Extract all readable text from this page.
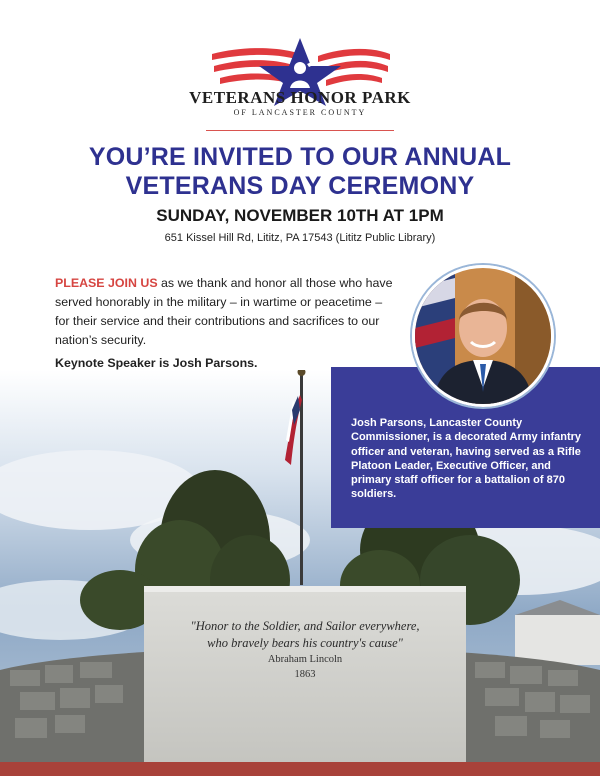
VETERANS HONOR PARK
OF LANCASTER COUNTY
YOU’RE INVITED TO OUR ANNUAL
VETERANS DAY CEREMONY
SUNDAY, NOVEMBER 10TH AT 1PM
651 Kissel Hill Rd, Lititz, PA 17543 (Lititz Public Library)
PLEASE JOIN US as we thank and honor all those who have served honorably in the military – in wartime or peacetime – for their service and their contributions and sacrifices to our nation’s security.
Keynote Speaker is Josh Parsons.
"Honor to the Soldier, and Sailor everywhere,
who bravely bears his country's cause"
Abraham Lincoln
1863
Josh Parsons, Lancaster County Commissioner, is a decorated Army infantry officer and veteran, having served as a Rifle Platoon Leader, Executive Officer, and primary staff officer for a battalion of 870 soldiers.
